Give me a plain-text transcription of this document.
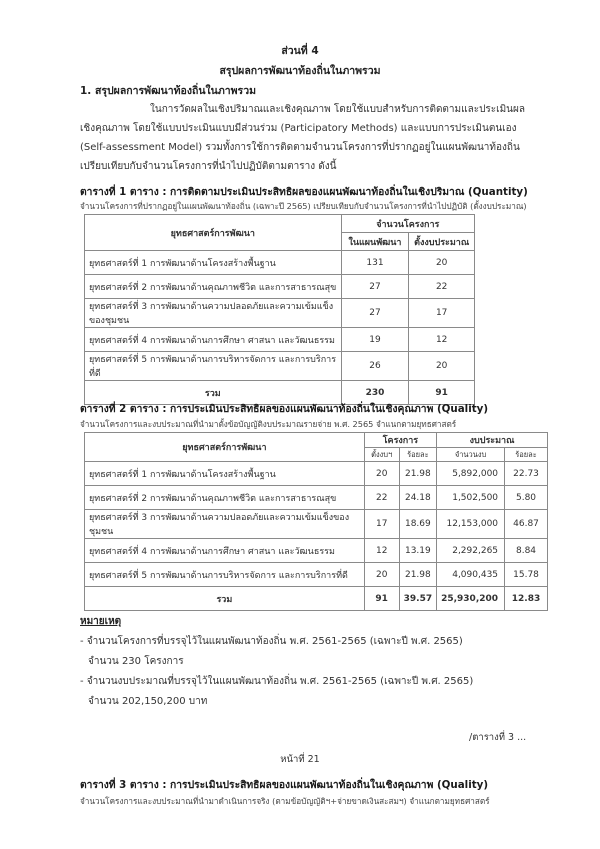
ส่วนที่ 4
สรุปผลการพัฒนาท้องถิ่นในภาพรวม
1. สรุปผลการพัฒนาท้องถิ่นในภาพรวม
ในการวัดผลในเชิงปริมาณและเชิงคุณภาพ โดยใช้แบบสำหรับการติดตามและประเมินผล
เชิงคุณภาพ โดยใช้แบบประเมินแบบมีส่วนร่วม (Participatory Methods) และแบบการประเมินตนเอง
(Self-assessment Model) รวมทั้งการใช้การติดตามจำนวนโครงการที่ปรากฏอยู่ในแผนพัฒนาท้องถิ่น
เปรียบเทียบกับจำนวนโครงการที่นำไปปฏิบัติตามตาราง ดังนี้
ตารางที่ 1 ตาราง : การติดตามประเมินประสิทธิผลของแผนพัฒนาท้องถิ่นในเชิงปริมาณ (Quantity)
จำนวนโครงการที่ปรากฏอยู่ในแผนพัฒนาท้องถิ่น (เฉพาะปี 2565) เปรียบเทียบกับจำนวนโครงการที่นำไปปฏิบัติ (ตั้งงบประมาณ)
ยุทธศาสตร์การพัฒนา	จำนวนโครงการ	
	ในแผนพัฒนา	ตั้งงบประมาณ
ยุทธศาสตร์ที่ 1 การพัฒนาด้านโครงสร้างพื้นฐาน	131	20
ยุทธศาสตร์ที่ 2 การพัฒนาด้านคุณภาพชีวิต และการสาธารณสุข	27	22
ยุทธศาสตร์ที่ 3 การพัฒนาด้านความปลอดภัยและความเข้มแข็งของชุมชน	27	17
ยุทธศาสตร์ที่ 4 การพัฒนาด้านการศึกษา ศาสนา และวัฒนธรรม	19	12
ยุทธศาสตร์ที่ 5 การพัฒนาด้านการบริหารจัดการ และการบริการที่ดี	26	20
รวม	230	91
ตารางที่ 2 ตาราง : การประเมินประสิทธิผลของแผนพัฒนาท้องถิ่นในเชิงคุณภาพ (Quality)
จำนวนโครงการและงบประมาณที่นำมาตั้งข้อบัญญัติงบประมาณรายจ่าย พ.ศ. 2565 จำแนกตามยุทธศาสตร์
ยุทธศาสตร์การพัฒนา	โครงการ		งบประมาณ	
	ตั้งงบฯ	ร้อยละ	จำนวนงบ	ร้อยละ
ยุทธศาสตร์ที่ 1 การพัฒนาด้านโครงสร้างพื้นฐาน	20	21.98	5,892,000	22.73
ยุทธศาสตร์ที่ 2 การพัฒนาด้านคุณภาพชีวิต และการสาธารณสุข	22	24.18	1,502,500	5.80
ยุทธศาสตร์ที่ 3 การพัฒนาด้านความปลอดภัยและความเข้มแข็งของชุมชน	17	18.69	12,153,000	46.87
ยุทธศาสตร์ที่ 4 การพัฒนาด้านการศึกษา ศาสนา และวัฒนธรรม	12	13.19	2,292,265	8.84
ยุทธศาสตร์ที่ 5 การพัฒนาด้านการบริหารจัดการ และการบริการที่ดี	20	21.98	4,090,435	15.78
รวม	91	39.57	25,930,200	12.83
หมายเหตุ
- จำนวนโครงการที่บรรจุไว้ในแผนพัฒนาท้องถิ่น พ.ศ. 2561-2565 (เฉพาะปี พ.ศ. 2565)
จำนวน 230 โครงการ
- จำนวนงบประมาณที่บรรจุไว้ในแผนพัฒนาท้องถิ่น พ.ศ. 2561-2565 (เฉพาะปี พ.ศ. 2565)
จำนวน 202,150,200 บาท
/ตารางที่ 3 ...
หน้าที่ 21
ตารางที่ 3 ตาราง : การประเมินประสิทธิผลของแผนพัฒนาท้องถิ่นในเชิงคุณภาพ (Quality)
จำนวนโครงการและงบประมาณที่นำมาดำเนินการจริง (ตามข้อบัญญัติฯ+จ่ายขาดเงินสะสมฯ) จำแนกตามยุทธศาสตร์
